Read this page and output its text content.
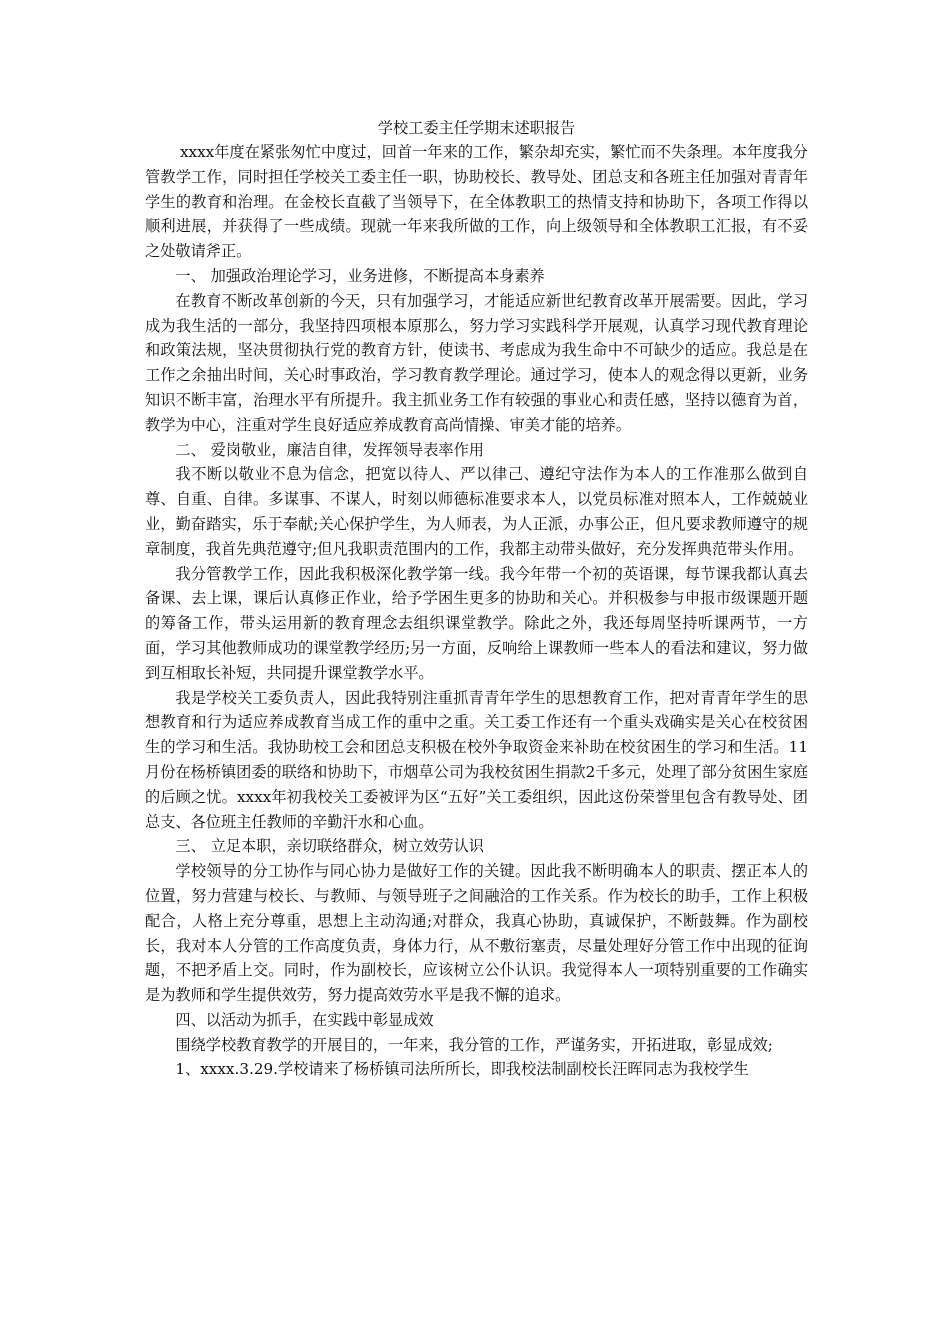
学校工委主任学期末述职报告

xxxx年度在紧张匆忙中度过，回首一年来的工作，繁杂却充实，繁忙而不失条理。本年度我分管教学工作，同时担任学校关工委主任一职，协助校长、教导处、团总支和各班主任加强对青青年学生的教育和治理。在金校长直截了当领导下，在全体教职工的热情支持和协助下，各项工作得以顺利进展，并获得了一些成绩。现就一年来我所做的工作，向上级领导和全体教职工汇报，有不妥之处敬请斧正。

一、 加强政治理论学习，业务进修，不断提高本身素养

在教育不断改革创新的今天，只有加强学习，才能适应新世纪教育改革开展需要。因此，学习成为我生活的一部分，我坚持四项根本原那么，努力学习实践科学开展观，认真学习现代教育理论和政策法规，坚决贯彻执行党的教育方针，使读书、考虑成为我生命中不可缺少的适应。我总是在工作之余抽出时间，关心时事政治，学习教育教学理论。通过学习，使本人的观念得以更新，业务知识不断丰富，治理水平有所提升。我主抓业务工作有较强的事业心和责任感，坚持以德育为首，教学为中心，注重对学生良好适应养成教育高尚情操、审美才能的培养。

二、 爱岗敬业，廉洁自律，发挥领导表率作用

我不断以敬业不息为信念，把宽以待人、严以律己、遵纪守法作为本人的工作准那么做到自尊、自重、自律。多谋事、不谋人，时刻以师德标准要求本人，以党员标准对照本人，工作兢兢业业，勤奋踏实，乐于奉献;关心保护学生，为人师表，为人正派，办事公正，但凡要求教师遵守的规章制度，我首先典范遵守;但凡我职责范围内的工作，我都主动带头做好，充分发挥典范带头作用。

我分管教学工作，因此我积极深化教学第一线。我今年带一个初的英语课，每节课我都认真去备课、去上课，课后认真修正作业，给予学困生更多的协助和关心。并积极参与申报市级课题开题的筹备工作，带头运用新的教育理念去组织课堂教学。除此之外，我还每周坚持听课两节，一方面，学习其他教师成功的课堂教学经历;另一方面，反响给上课教师一些本人的看法和建议，努力做到互相取长补短，共同提升课堂教学水平。

我是学校关工委负责人，因此我特别注重抓青青年学生的思想教育工作，把对青青年学生的思想教育和行为适应养成教育当成工作的重中之重。关工委工作还有一个重头戏确实是关心在校贫困生的学习和生活。我协助校工会和团总支积极在校外争取资金来补助在校贫困生的学习和生活。11月份在杨桥镇团委的联络和协助下，市烟草公司为我校贫困生捐款2千多元，处理了部分贫困生家庭的后顾之忧。xxxx年初我校关工委被评为区“五好”关工委组织，因此这份荣誉里包含有教导处、团总支、各位班主任教师的辛勤汗水和心血。

三、 立足本职，亲切联络群众，树立效劳认识

学校领导的分工协作与同心协力是做好工作的关键。因此我不断明确本人的职责、摆正本人的位置，努力营建与校长、与教师、与领导班子之间融洽的工作关系。作为校长的助手，工作上积极配合，人格上充分尊重，思想上主动沟通;对群众，我真心协助，真诚保护，不断鼓舞。作为副校长，我对本人分管的工作高度负责，身体力行，从不敷衍塞责，尽量处理好分管工作中出现的征询题，不把矛盾上交。同时，作为副校长，应该树立公仆认识。我觉得本人一项特别重要的工作确实是为教师和学生提供效劳，努力提高效劳水平是我不懈的追求。

四、以活动为抓手，在实践中彰显成效

围绕学校教育教学的开展目的，一年来，我分管的工作，严谨务实，开拓进取，彰显成效;

1、xxxx.3.29.学校请来了杨桥镇司法所所长，即我校法制副校长汪晖同志为我校学生
